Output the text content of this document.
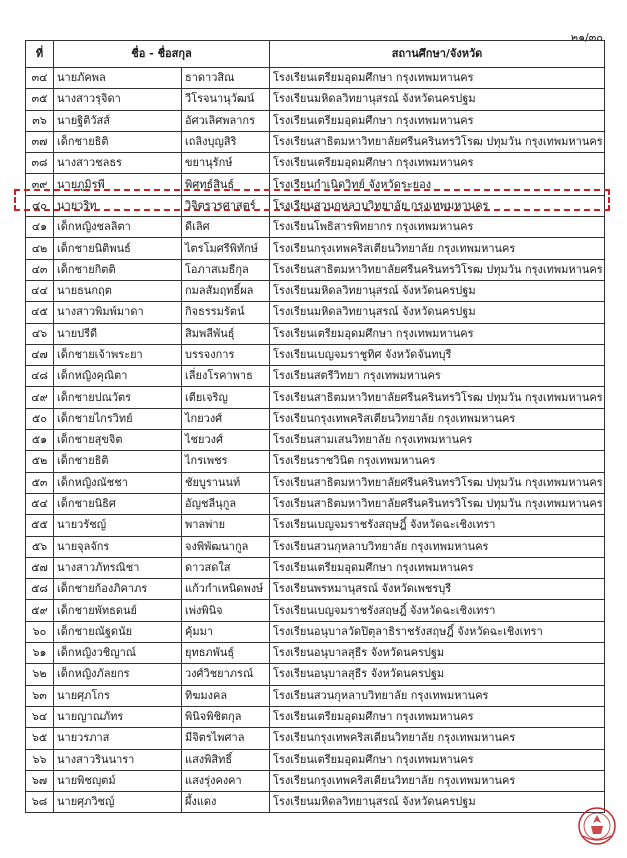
๒๑/๓๐
ที่	ชื่อ - ชื่อสกุล		สถานศึกษา/จังหวัด
๓๔	นายภัคพล	ธาดาวสิณ	โรงเรียนเตรียมอุดมศึกษา กรุงเทพมหานคร
๓๕	นางสาวรุจิดา	วีโรจนานุวัฒน์	โรงเรียนมหิดลวิทยานุสรณ์ จังหวัดนครปฐม
๓๖	นายฐิติวัสส์	อัศวเลิศพลากร	โรงเรียนเตรียมอุดมศึกษา กรุงเทพมหานคร
๓๗	เด็กชายธิติ	เถลิงบุญสิริ	โรงเรียนสาธิตมหาวิทยาลัยศรีนครินทรวิโรฒ ปทุมวัน กรุงเทพมหานคร
๓๘	นางสาวชลธร	ขยานุรักษ์	โรงเรียนเตรียมอุดมศึกษา กรุงเทพมหานคร
๓๙	นายภูมิรพี	พิศุทธ์สินธุ์	โรงเรียนกำเนิดวิทย์ จังหวัดระยอง
๔๐	นายวริท	วิจิตรวรศาสตร์	โรงเรียนสวนกุหลาบวิทยาลัย กรุงเทพมหานคร
๔๑	เด็กหญิงชลลิตา	ดีเลิศ	โรงเรียนโพธิสารพิทยากร กรุงเทพมหานคร
๔๒	เด็กชายนิติพนธ์	ไตรโมศรีพิทักษ์	โรงเรียนกรุงเทพคริสเตียนวิทยาลัย กรุงเทพมหานคร
๔๓	เด็กชายกิตติ	โอภาสเมธีกุล	โรงเรียนสาธิตมหาวิทยาลัยศรีนครินทรวิโรฒ ปทุมวัน กรุงเทพมหานคร
๔๔	นายธนกฤต	กมลสัมฤทธิ์ผล	โรงเรียนมหิดลวิทยานุสรณ์ จังหวัดนครปฐม
๔๕	นางสาวพิมพ์มาดา	กิจธรรมรัตน์	โรงเรียนมหิดลวิทยานุสรณ์ จังหวัดนครปฐม
๔๖	นายปรีดี	สิมพลีพันธุ์	โรงเรียนเตรียมอุดมศึกษา กรุงเทพมหานคร
๔๗	เด็กชายเจ้าพระยา	บรรจงการ	โรงเรียนเบญจมราชูทิศ จังหวัดจันทบุรี
๔๘	เด็กหญิงคุณิตา	เลี่ยงโรคาพาธ	โรงเรียนสตรีวิทยา กรุงเทพมหานคร
๔๙	เด็กชายปณวัตร	เตียเจริญ	โรงเรียนสาธิตมหาวิทยาลัยศรีนครินทรวิโรฒ ปทุมวัน กรุงเทพมหานคร
๕๐	เด็กชายไกรวิทย์	ไกยวงศ์	โรงเรียนกรุงเทพคริสเตียนวิทยาลัย กรุงเทพมหานคร
๕๑	เด็กชายสุขจิต	ไชยวงศ์	โรงเรียนสามเสนวิทยาลัย กรุงเทพมหานคร
๕๒	เด็กชายธิติ	ไกรเพชร	โรงเรียนราชวินิต กรุงเทพมหานคร
๕๓	เด็กหญิงณัชชา	ชัยบูรานนท์	โรงเรียนสาธิตมหาวิทยาลัยศรีนครินทรวิโรฒ ปทุมวัน กรุงเทพมหานคร
๕๔	เด็กชายนิธิศ	อัญชลีนุกูล	โรงเรียนสาธิตมหาวิทยาลัยศรีนครินทรวิโรฒ ปทุมวัน กรุงเทพมหานคร
๕๕	นายวรัชญ์	พาลพ่าย	โรงเรียนเบญจมราชรังสฤษฎิ์ จังหวัดฉะเชิงเทรา
๕๖	นายจุลจักร	จงพิพัฒนากูล	โรงเรียนสวนกุหลาบวิทยาลัย กรุงเทพมหานคร
๕๗	นางสาวภัทรณิชา	ดาวสดใส	โรงเรียนเตรียมอุดมศึกษา กรุงเทพมหานคร
๕๘	เด็กชายก้องภิคาภร	แก้วกำเหนิดพงษ์	โรงเรียนพรหมานุสรณ์ จังหวัดเพชรบุรี
๕๙	เด็กชายพัทธดนย์	เพ่งพินิจ	โรงเรียนเบญจมราชรังสฤษฎิ์ จังหวัดฉะเชิงเทรา
๖๐	เด็กชายณัฐดนัย	คุ้มมา	โรงเรียนอนุบาลวัดปิตุลาธิราชรังสฤษฎิ์ จังหวัดฉะเชิงเทรา
๖๑	เด็กหญิงวชิญาณ์	ยุทธภพันธุ์	โรงเรียนอนุบาลสุธีร จังหวัดนครปฐม
๖๒	เด็กหญิงภัลยกร	วงศ์วิชยาภรณ์	โรงเรียนอนุบาลสุธีร จังหวัดนครปฐม
๖๓	นายศุภโกร	ทิฆมงคล	โรงเรียนสวนกุหลาบวิทยาลัย กรุงเทพมหานคร
๖๔	นายญาณภัทร	พินิจพิชิตกุล	โรงเรียนเตรียมอุดมศึกษา กรุงเทพมหานคร
๖๕	นายวรภาส	มีจิตรไพศาล	โรงเรียนกรุงเทพคริสเตียนวิทยาลัย กรุงเทพมหานคร
๖๖	นางสาวรินนารา	แสงพิสิทธิ์	โรงเรียนเตรียมอุดมศึกษา กรุงเทพมหานคร
๖๗	นายพิชญุตม์	แสงรุ่งคงคา	โรงเรียนกรุงเทพคริสเตียนวิทยาลัย กรุงเทพมหานคร
๖๘	นายศุภวิชญ์	ผึ้งแดง	โรงเรียนมหิดลวิทยานุสรณ์ จังหวัดนครปฐม
